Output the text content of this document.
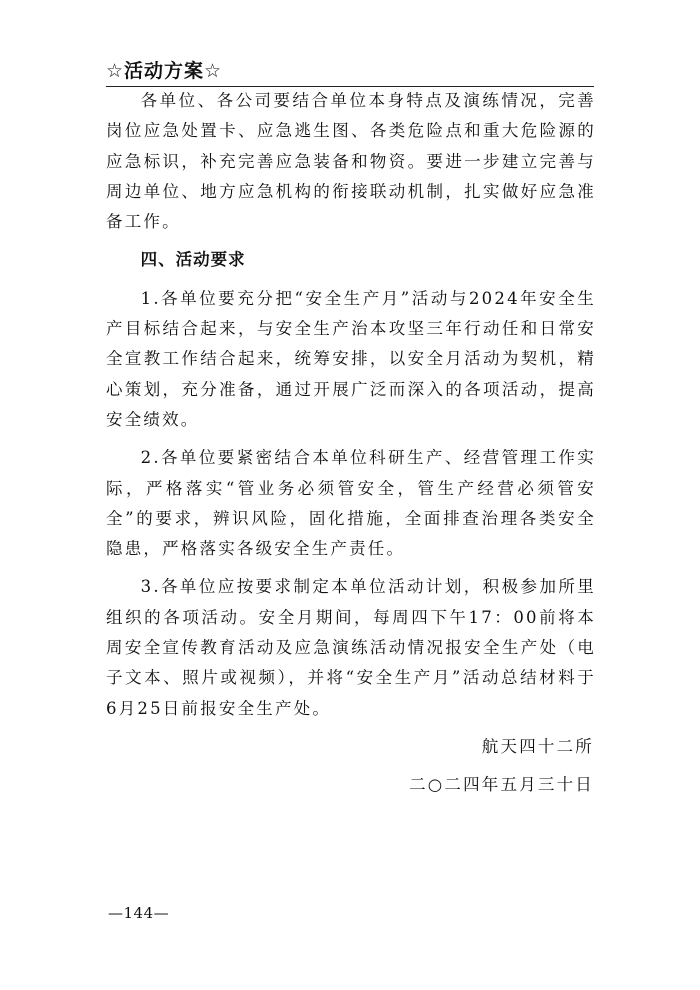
☆活动方案☆

各单位、各公司要结合单位本身特点及演练情况，完善岗位应急处置卡、应急逃生图、各类危险点和重大危险源的应急标识，补充完善应急装备和物资。要进一步建立完善与周边单位、地方应急机构的衔接联动机制，扎实做好应急准备工作。

四、活动要求

1.各单位要充分把“安全生产月”活动与2024年安全生产目标结合起来，与安全生产治本攻坚三年行动任和日常安全宣教工作结合起来，统筹安排，以安全月活动为契机，精心策划，充分准备，通过开展广泛而深入的各项活动，提高安全绩效。

2.各单位要紧密结合本单位科研生产、经营管理工作实际，严格落实“管业务必须管安全，管生产经营必须管安全”的要求，辨识风险，固化措施，全面排查治理各类安全隐患，严格落实各级安全生产责任。

3.各单位应按要求制定本单位活动计划，积极参加所里组织的各项活动。安全月期间，每周四下午17：00前将本周安全宣传教育活动及应急演练活动情况报安全生产处（电子文本、照片或视频），并将“安全生产月”活动总结材料于6月25日前报安全生产处。

航天四十二所

二○二四年五月三十日

—144—
